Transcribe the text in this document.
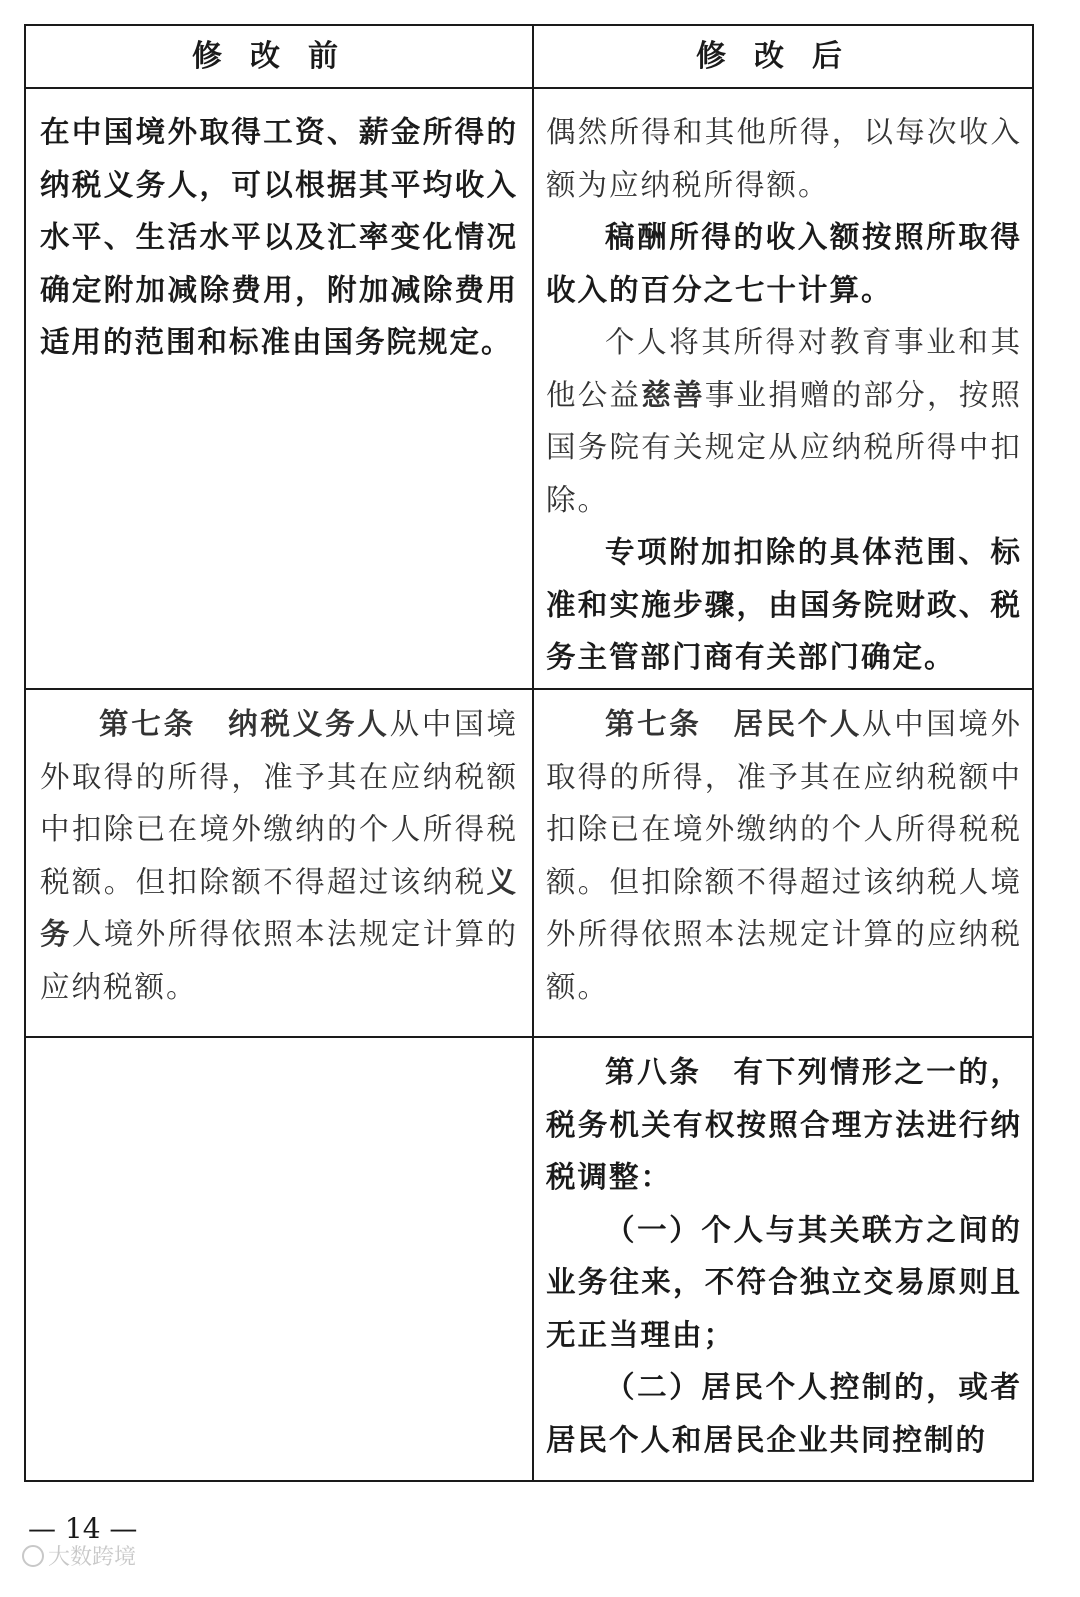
修改前	修改后

在中国境外取得工资、薪金所得的纳税义务人，可以根据其平均收入水平、生活水平以及汇率变化情况确定附加减除费用，附加减除费用适用的范围和标准由国务院规定。

偶然所得和其他所得，以每次收入额为应纳税所得额。

稿酬所得的收入额按照所取得收入的百分之七十计算。

个人将其所得对教育事业和其他公益慈善事业捐赠的部分，按照国务院有关规定从应纳税所得中扣除。

专项附加扣除的具体范围、标准和实施步骤，由国务院财政、税务主管部门商有关部门确定。

第七条　纳税义务人从中国境外取得的所得，准予其在应纳税额中扣除已在境外缴纳的个人所得税税额。但扣除额不得超过该纳税义务人境外所得依照本法规定计算的应纳税额。

第七条　居民个人从中国境外取得的所得，准予其在应纳税额中扣除已在境外缴纳的个人所得税税额。但扣除额不得超过该纳税人境外所得依照本法规定计算的应纳税额。

第八条　有下列情形之一的，税务机关有权按照合理方法进行纳税调整：

（一）个人与其关联方之间的业务往来，不符合独立交易原则且无正当理由；

（二）居民个人控制的，或者居民个人和居民企业共同控制的

— 14 —
大数跨境
